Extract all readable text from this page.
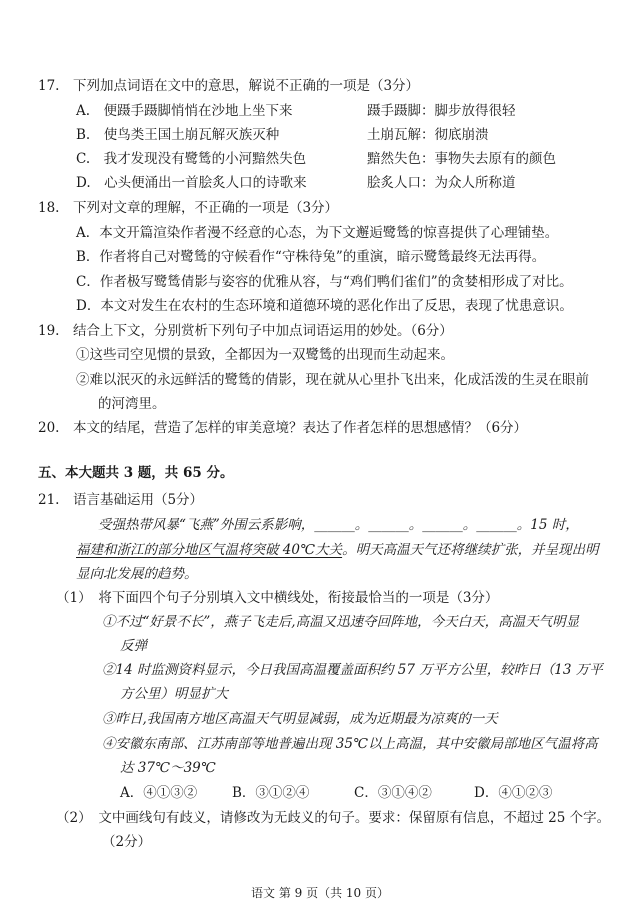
17.　下列加点词语在文中的意思，解说不正确的一项是（3分）
A.　便蹑手蹑脚悄悄在沙地上坐下来	蹑手蹑脚：脚步放得很轻
B.　使鸟类王国土崩瓦解灭族灭种	土崩瓦解：彻底崩溃
C.　我才发现没有鹭鸶的小河黯然失色	黯然失色：事物失去原有的颜色
D.　心头便涌出一首脍炙人口的诗歌来	脍炙人口：为众人所称道
18.　下列对文章的理解，不正确的一项是（3分）
A．本文开篇渲染作者漫不经意的心态，为下文邂逅鹭鸶的惊喜提供了心理铺垫。
B．作者将自己对鹭鸶的守候看作“守株待兔”的重演，暗示鹭鸶最终无法再得。
C．作者极写鹭鸶倩影与姿容的优雅从容，与“鸡们鸭们雀们”的贪婪相形成了对比。
D．本文对发生在农村的生态环境和道德环境的恶化作出了反思，表现了忧患意识。
19.　结合上下文，分别赏析下列句子中加点词语运用的妙处。（6分）
①这些司空见惯的景致，全都因为一双鹭鸶的出现而生动起来。
②难以泯灭的永远鲜活的鹭鸶的倩影，现在就从心里扑飞出来，化成活泼的生灵在眼前
的河湾里。
20.　本文的结尾，营造了怎样的审美意境？表达了作者怎样的思想感情？（6分）
五、本大题共 3 题，共 65 分。
21.　语言基础运用（5分）
受强热带风暴“飞燕”外围云系影响，______。______。______。______。15 时，
福建和浙江的部分地区气温将突破 40℃大关。明天高温天气还将继续扩张，并呈现出明
显向北发展的趋势。
（1）　将下面四个句子分别填入文中横线处，衔接最恰当的一项是（3分）
①不过“好景不长”，燕子飞走后,高温又迅速夺回阵地，今天白天，高温天气明显
反弹
②14 时监测资料显示，今日我国高温覆盖面积约 57 万平方公里，较昨日（13 万平
方公里）明显扩大
③昨日,我国南方地区高温天气明显减弱，成为近期最为凉爽的一天
④安徽东南部、江苏南部等地普遍出现 35℃以上高温，其中安徽局部地区气温将高
达 37℃～39℃
A．④①③②	B．③①②④	C．③①④②	D．④①②③
（2）　文中画线句有歧义，请修改为无歧义的句子。要求：保留原有信息，不超过 25 个字。
（2分）
语文 第 9 页（共 10 页）
